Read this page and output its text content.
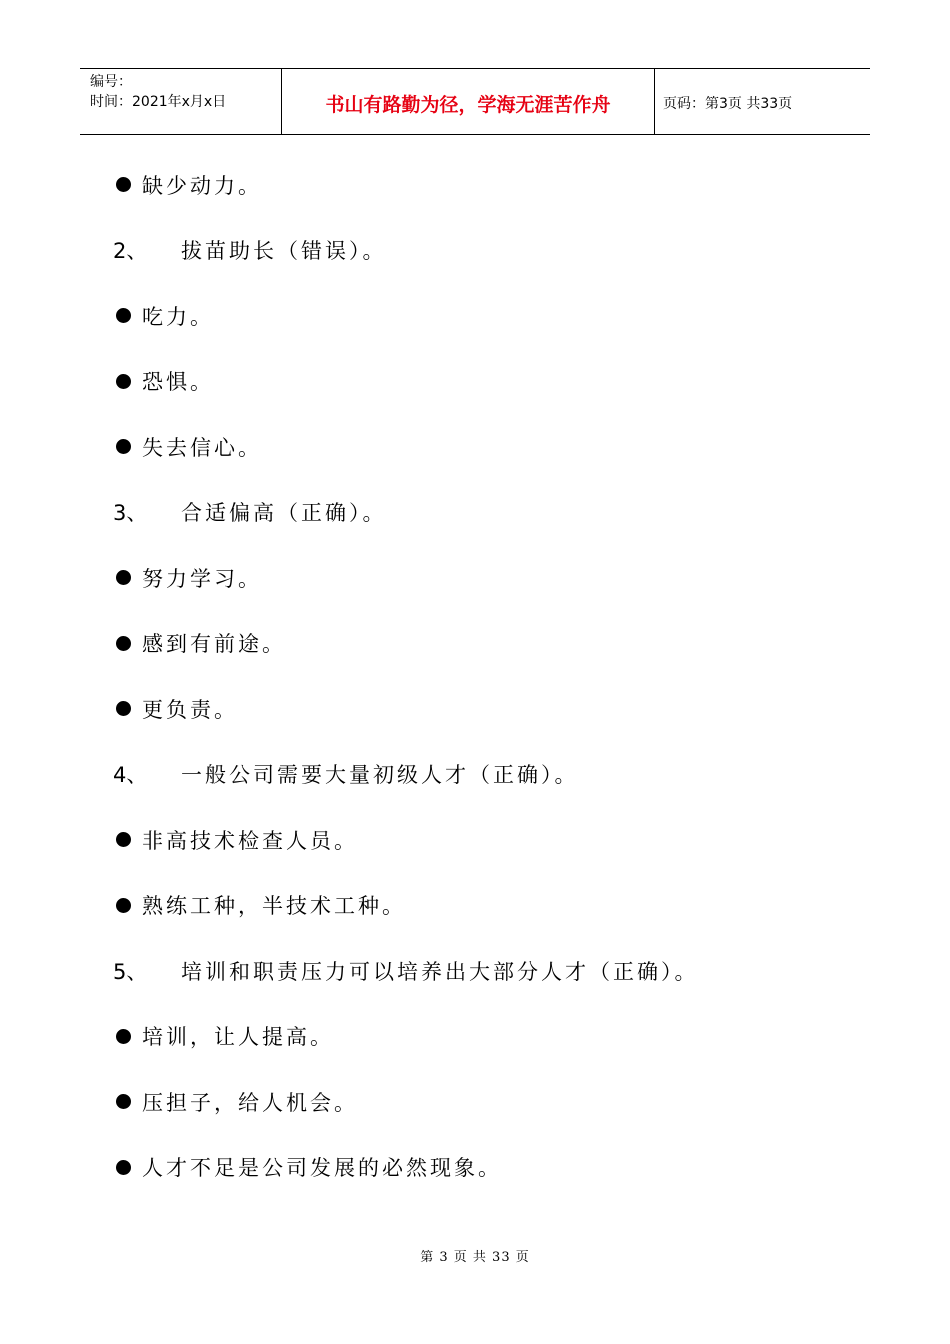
编号：
时间：2021年x月x日	书山有路勤为径，学海无涯苦作舟	页码：第3页 共33页
缺少动力。
2、	拔苗助长（错误）。
吃力。
恐惧。
失去信心。
3、	合适偏高（正确）。
努力学习。
感到有前途。
更负责。
4、	一般公司需要大量初级人才（正确）。
非高技术检查人员。
熟练工种，半技术工种。
5、	培训和职责压力可以培养出大部分人才（正确）。
培训，让人提高。
压担子，给人机会。
人才不足是公司发展的必然现象。
第 3 页 共 33 页
